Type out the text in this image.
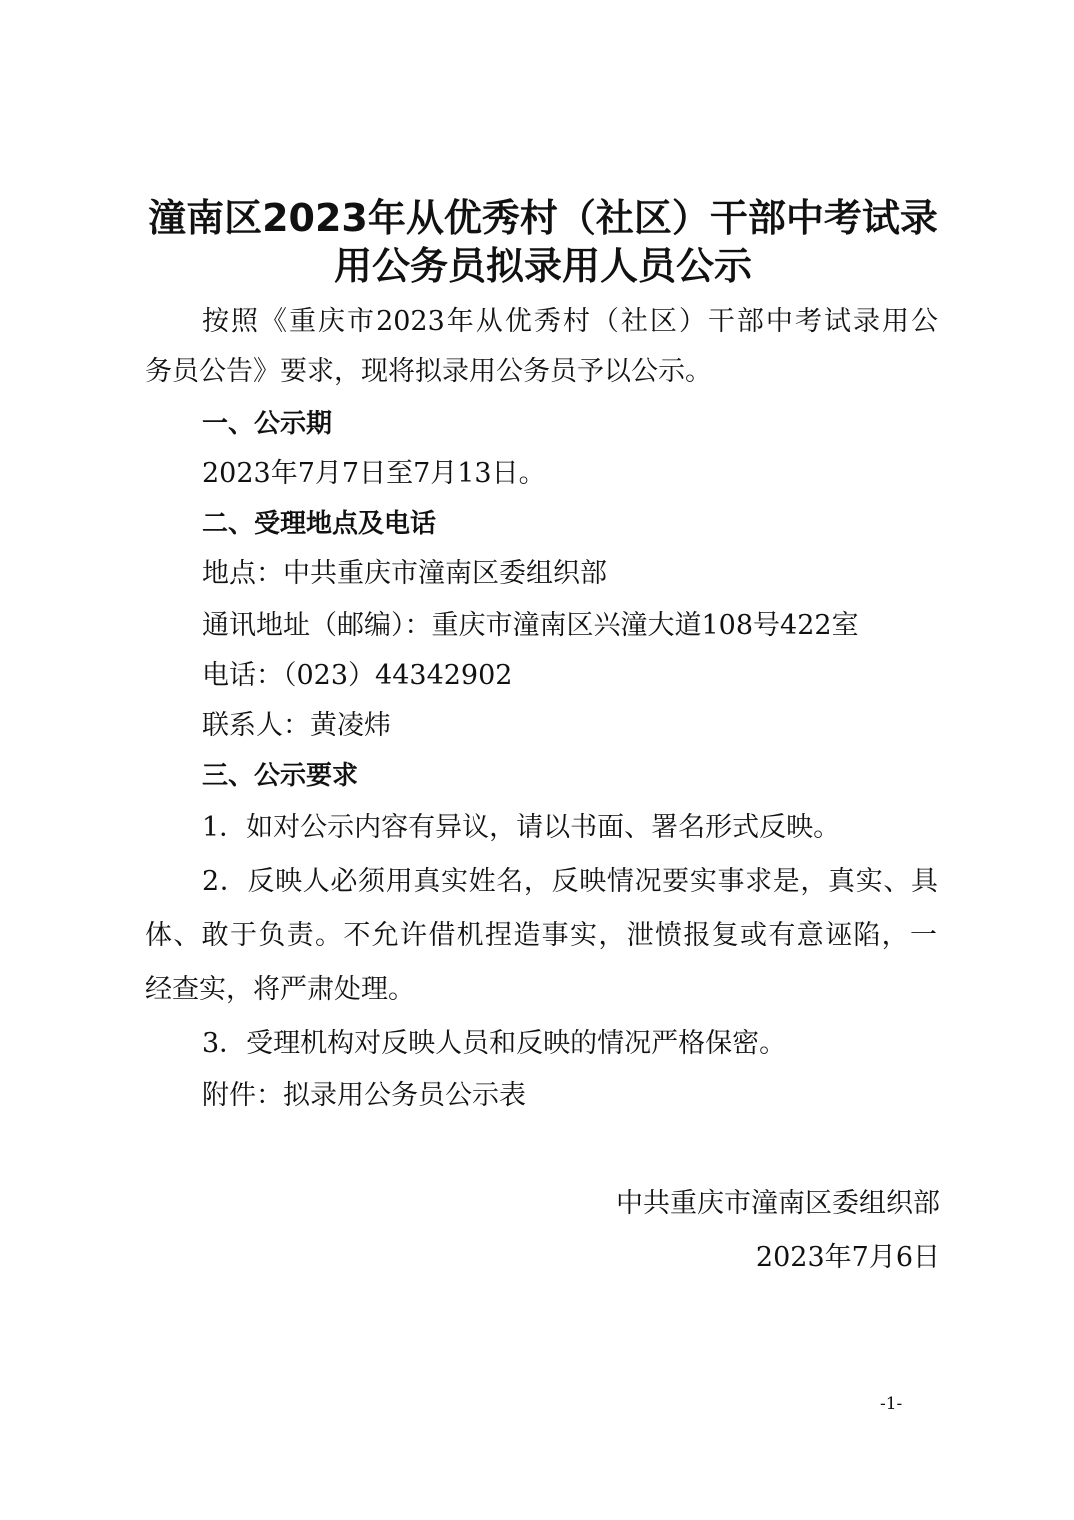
潼南区2023年从优秀村（社区）干部中考试录
用公务员拟录用人员公示

按照《重庆市2023年从优秀村（社区）干部中考试录用公

务员公告》要求，现将拟录用公务员予以公示。

一、公示期

2023年7月7日至7月13日。

二、受理地点及电话

地点：中共重庆市潼南区委组织部

通讯地址（邮编）：重庆市潼南区兴潼大道108号422室

电话：（023）44342902

联系人：黄凌炜

三、公示要求

1．如对公示内容有异议，请以书面、署名形式反映。

2．反映人必须用真实姓名，反映情况要实事求是，真实、具

体、敢于负责。不允许借机捏造事实，泄愤报复或有意诬陷，一

经查实，将严肃处理。

3．受理机构对反映人员和反映的情况严格保密。

附件：拟录用公务员公示表

中共重庆市潼南区委组织部

2023年7月6日

-1-
